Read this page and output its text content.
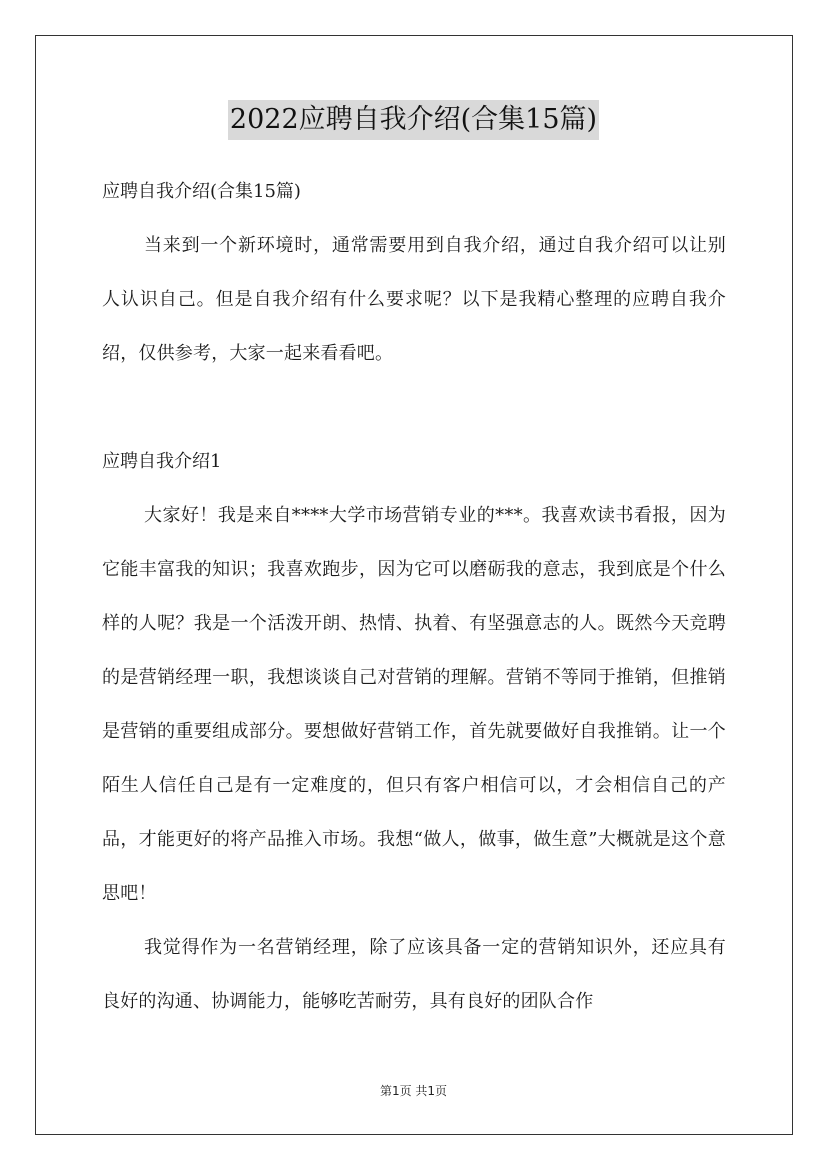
2022应聘自我介绍(合集15篇)

应聘自我介绍(合集15篇)

当来到一个新环境时，通常需要用到自我介绍，通过自我介绍可以让别人认识自己。但是自我介绍有什么要求呢？以下是我精心整理的应聘自我介绍，仅供参考，大家一起来看看吧。

应聘自我介绍1

大家好！我是来自****大学市场营销专业的***。我喜欢读书看报，因为它能丰富我的知识；我喜欢跑步，因为它可以磨砺我的意志，我到底是个什么样的人呢？我是一个活泼开朗、热情、执着、有坚强意志的人。既然今天竞聘的是营销经理一职，我想谈谈自己对营销的理解。营销不等同于推销，但推销是营销的重要组成部分。要想做好营销工作，首先就要做好自我推销。让一个陌生人信任自己是有一定难度的，但只有客户相信可以，才会相信自己的产品，才能更好的将产品推入市场。我想“做人，做事，做生意”大概就是这个意思吧！

我觉得作为一名营销经理，除了应该具备一定的营销知识外，还应具有良好的沟通、协调能力，能够吃苦耐劳，具有良好的团队合作

第1页 共1页
